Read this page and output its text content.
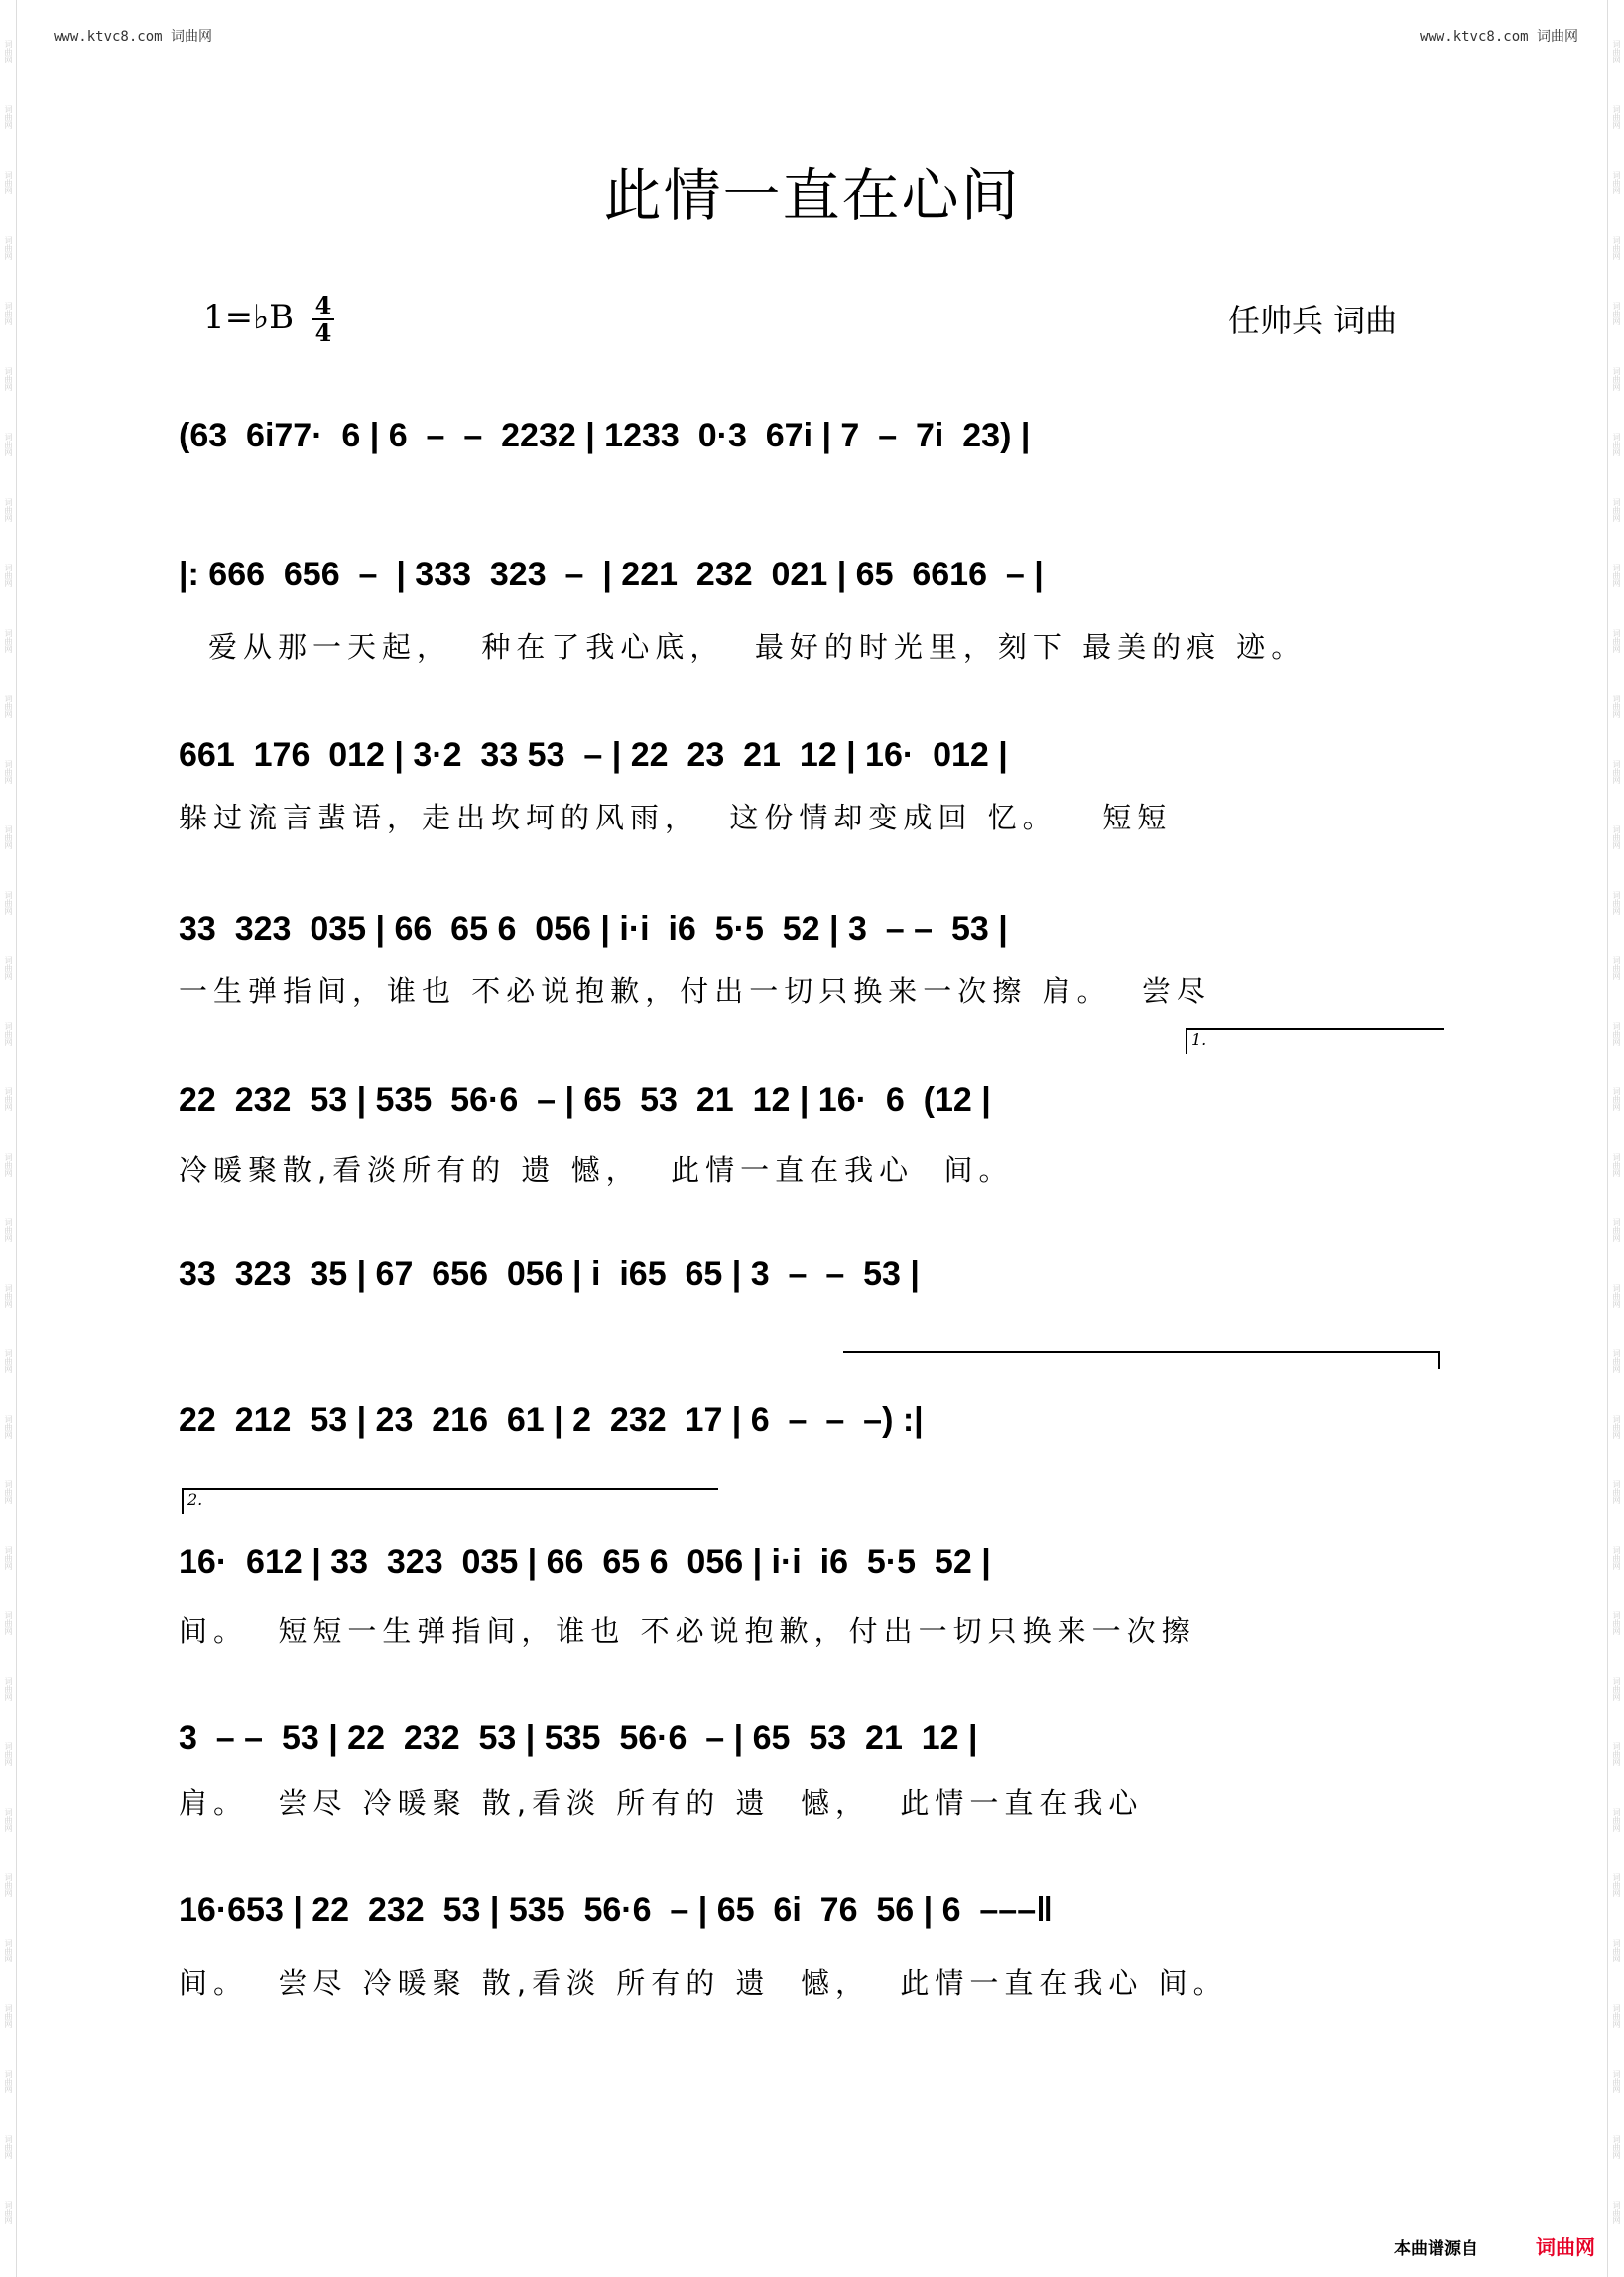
词曲网
词曲网
词曲网
词曲网
词曲网
词曲网
词曲网
词曲网
词曲网
词曲网
词曲网
词曲网
词曲网
词曲网
词曲网
词曲网
词曲网
词曲网
词曲网
词曲网
词曲网
词曲网
词曲网
词曲网
词曲网
词曲网
词曲网
词曲网
词曲网
词曲网
词曲网
词曲网
词曲网
词曲网
词曲网
词曲网
词曲网
词曲网
词曲网
词曲网
词曲网
词曲网
词曲网
词曲网
词曲网
词曲网
词曲网
词曲网
词曲网
词曲网
词曲网
词曲网
词曲网
词曲网
词曲网
词曲网
词曲网
词曲网
词曲网
词曲网
词曲网
词曲网
词曲网
词曲网
词曲网
词曲网
词曲网
词曲网
www.ktvc8.com 词曲网	www.ktvc8.com 词曲网
此情一直在心间
1=♭B 4
4	任帅兵 词曲
(63  6i77·  6 | 6  –  –  2232 | 1233  0·3  67i | 7  –  7i  23) |
|: 666  656  –  | 333  323  –  | 221  232  021 | 65  6616  – |
爱从那一天起，  种在了我心底，  最好的时光里，刻下 最美的痕 迹。
661  176  012 | 3·2  33 53  – | 22  23  21  12 | 16·  012 |
躲过流言蜚语，走出坎坷的风雨，  这份情却变成回 忆。   短短
33  323  035 | 66  65 6  056 | i·i  i6  5·5  52 | 3  – –  53 |
一生弹指间，谁也 不必说抱歉，付出一切只换来一次擦 肩。  尝尽
1.
22  232  53 | 535  56·6  – | 65  53  21  12 | 16·  6  (12 |
冷暖聚散,看淡所有的 遗 憾，  此情一直在我心  间。
33  323  35 | 67  656  056 | i  i65  65 | 3  –  –  53 |
22  212  53 | 23  216  61 | 2  232  17 | 6  –  –  –) :|
2.
16·  612 | 33  323  035 | 66  65 6  056 | i·i  i6  5·5  52 |
间。  短短一生弹指间，谁也 不必说抱歉，付出一切只换来一次擦
3  – –  53 | 22  232  53 | 535  56·6  – | 65  53  21  12 |
肩。  尝尽 冷暖聚 散,看淡 所有的 遗  憾，  此情一直在我心
16·653 | 22  232  53 | 535  56·6  – | 65  6i  76  56 | 6  –––‖
间。  尝尽 冷暖聚 散,看淡 所有的 遗  憾，  此情一直在我心 间。
本曲谱源自	词曲网
